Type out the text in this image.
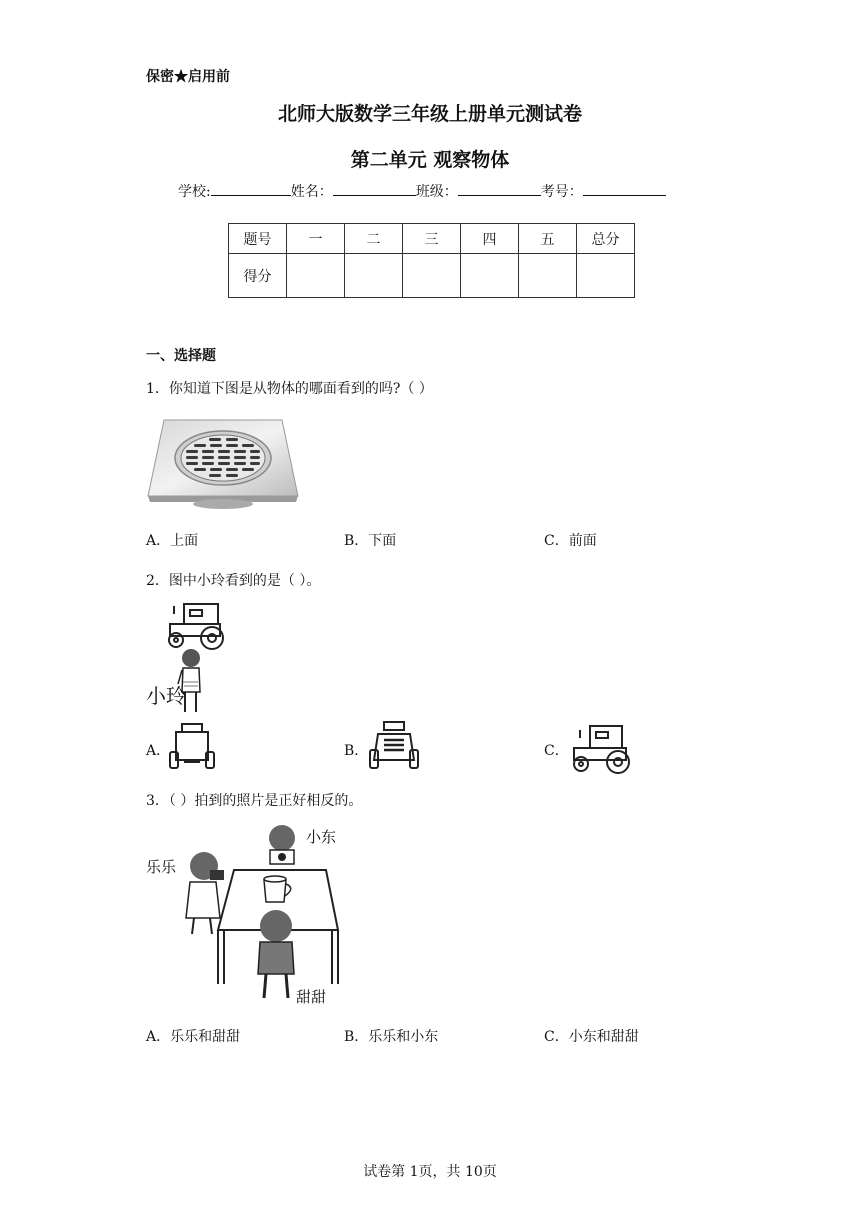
保密★启用前
北师大版数学三年级上册单元测试卷
第二单元 观察物体
学校:	姓名：	班级：	考号：
题号	一	二	三	四	五	总分
得分						
一、选择题
1．你知道下图是从物体的哪面看到的吗?（ ）
A．上面	B．下面	C．前面
2．图中小玲看到的是（ ）。
小玲
A．	B．	C．
3．（ ）拍到的照片是正好相反的。
小东
乐乐
甜甜
A．乐乐和甜甜	B．乐乐和小东	C．小东和甜甜
试卷第 1页，共 10页
